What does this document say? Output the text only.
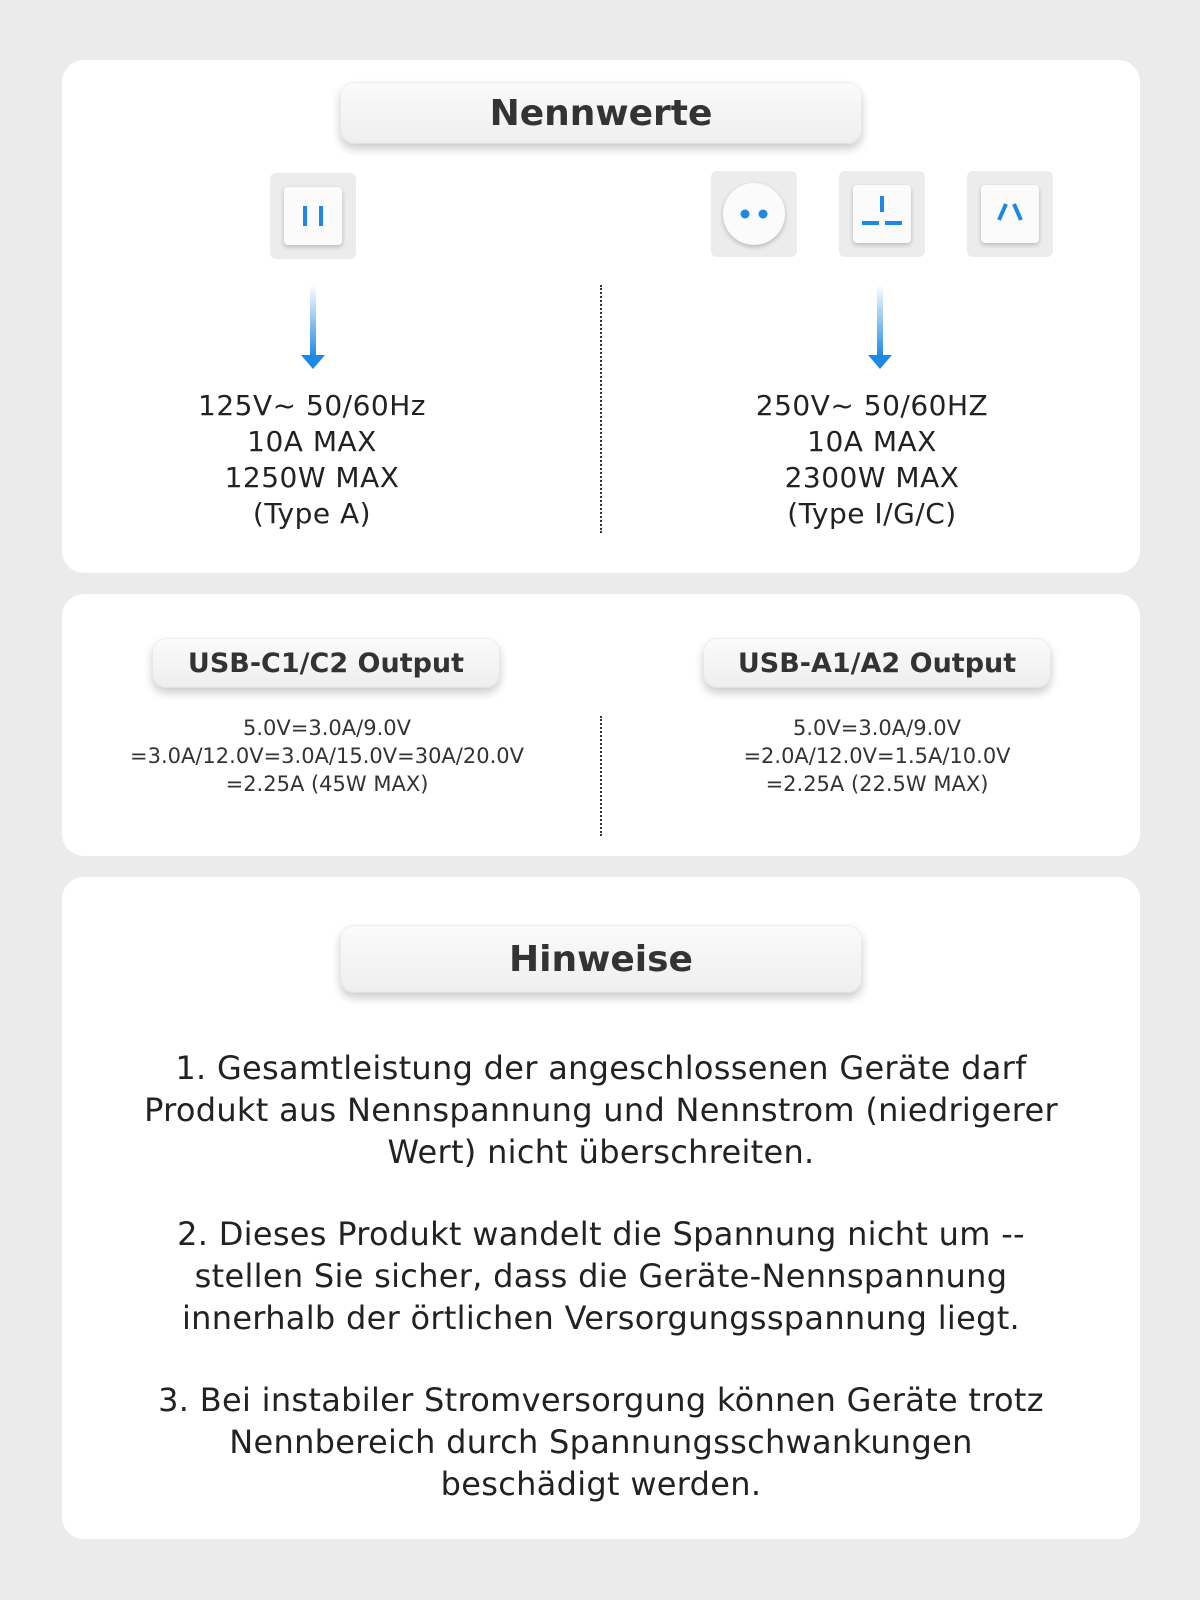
Nennwerte
125V~ 50/60Hz
10A MAX
1250W MAX
(Type A)
250V~ 50/60HZ
10A MAX
2300W MAX
(Type I/G/C)
USB-C1/C2 Output	USB-A1/A2 Output
5.0V=3.0A/9.0V
=3.0A/12.0V=3.0A/15.0V=30A/20.0V
=2.25A (45W MAX)
5.0V=3.0A/9.0V
=2.0A/12.0V=1.5A/10.0V
=2.25A (22.5W MAX)
Hinweise
1. Gesamtleistung der angeschlossenen Geräte darf
Produkt aus Nennspannung und Nennstrom (niedrigerer
Wert) nicht überschreiten.
2. Dieses Produkt wandelt die Spannung nicht um --
stellen Sie sicher, dass die Geräte-Nennspannung
innerhalb der örtlichen Versorgungsspannung liegt.
3. Bei instabiler Stromversorgung können Geräte trotz
Nennbereich durch Spannungsschwankungen
beschädigt werden.
